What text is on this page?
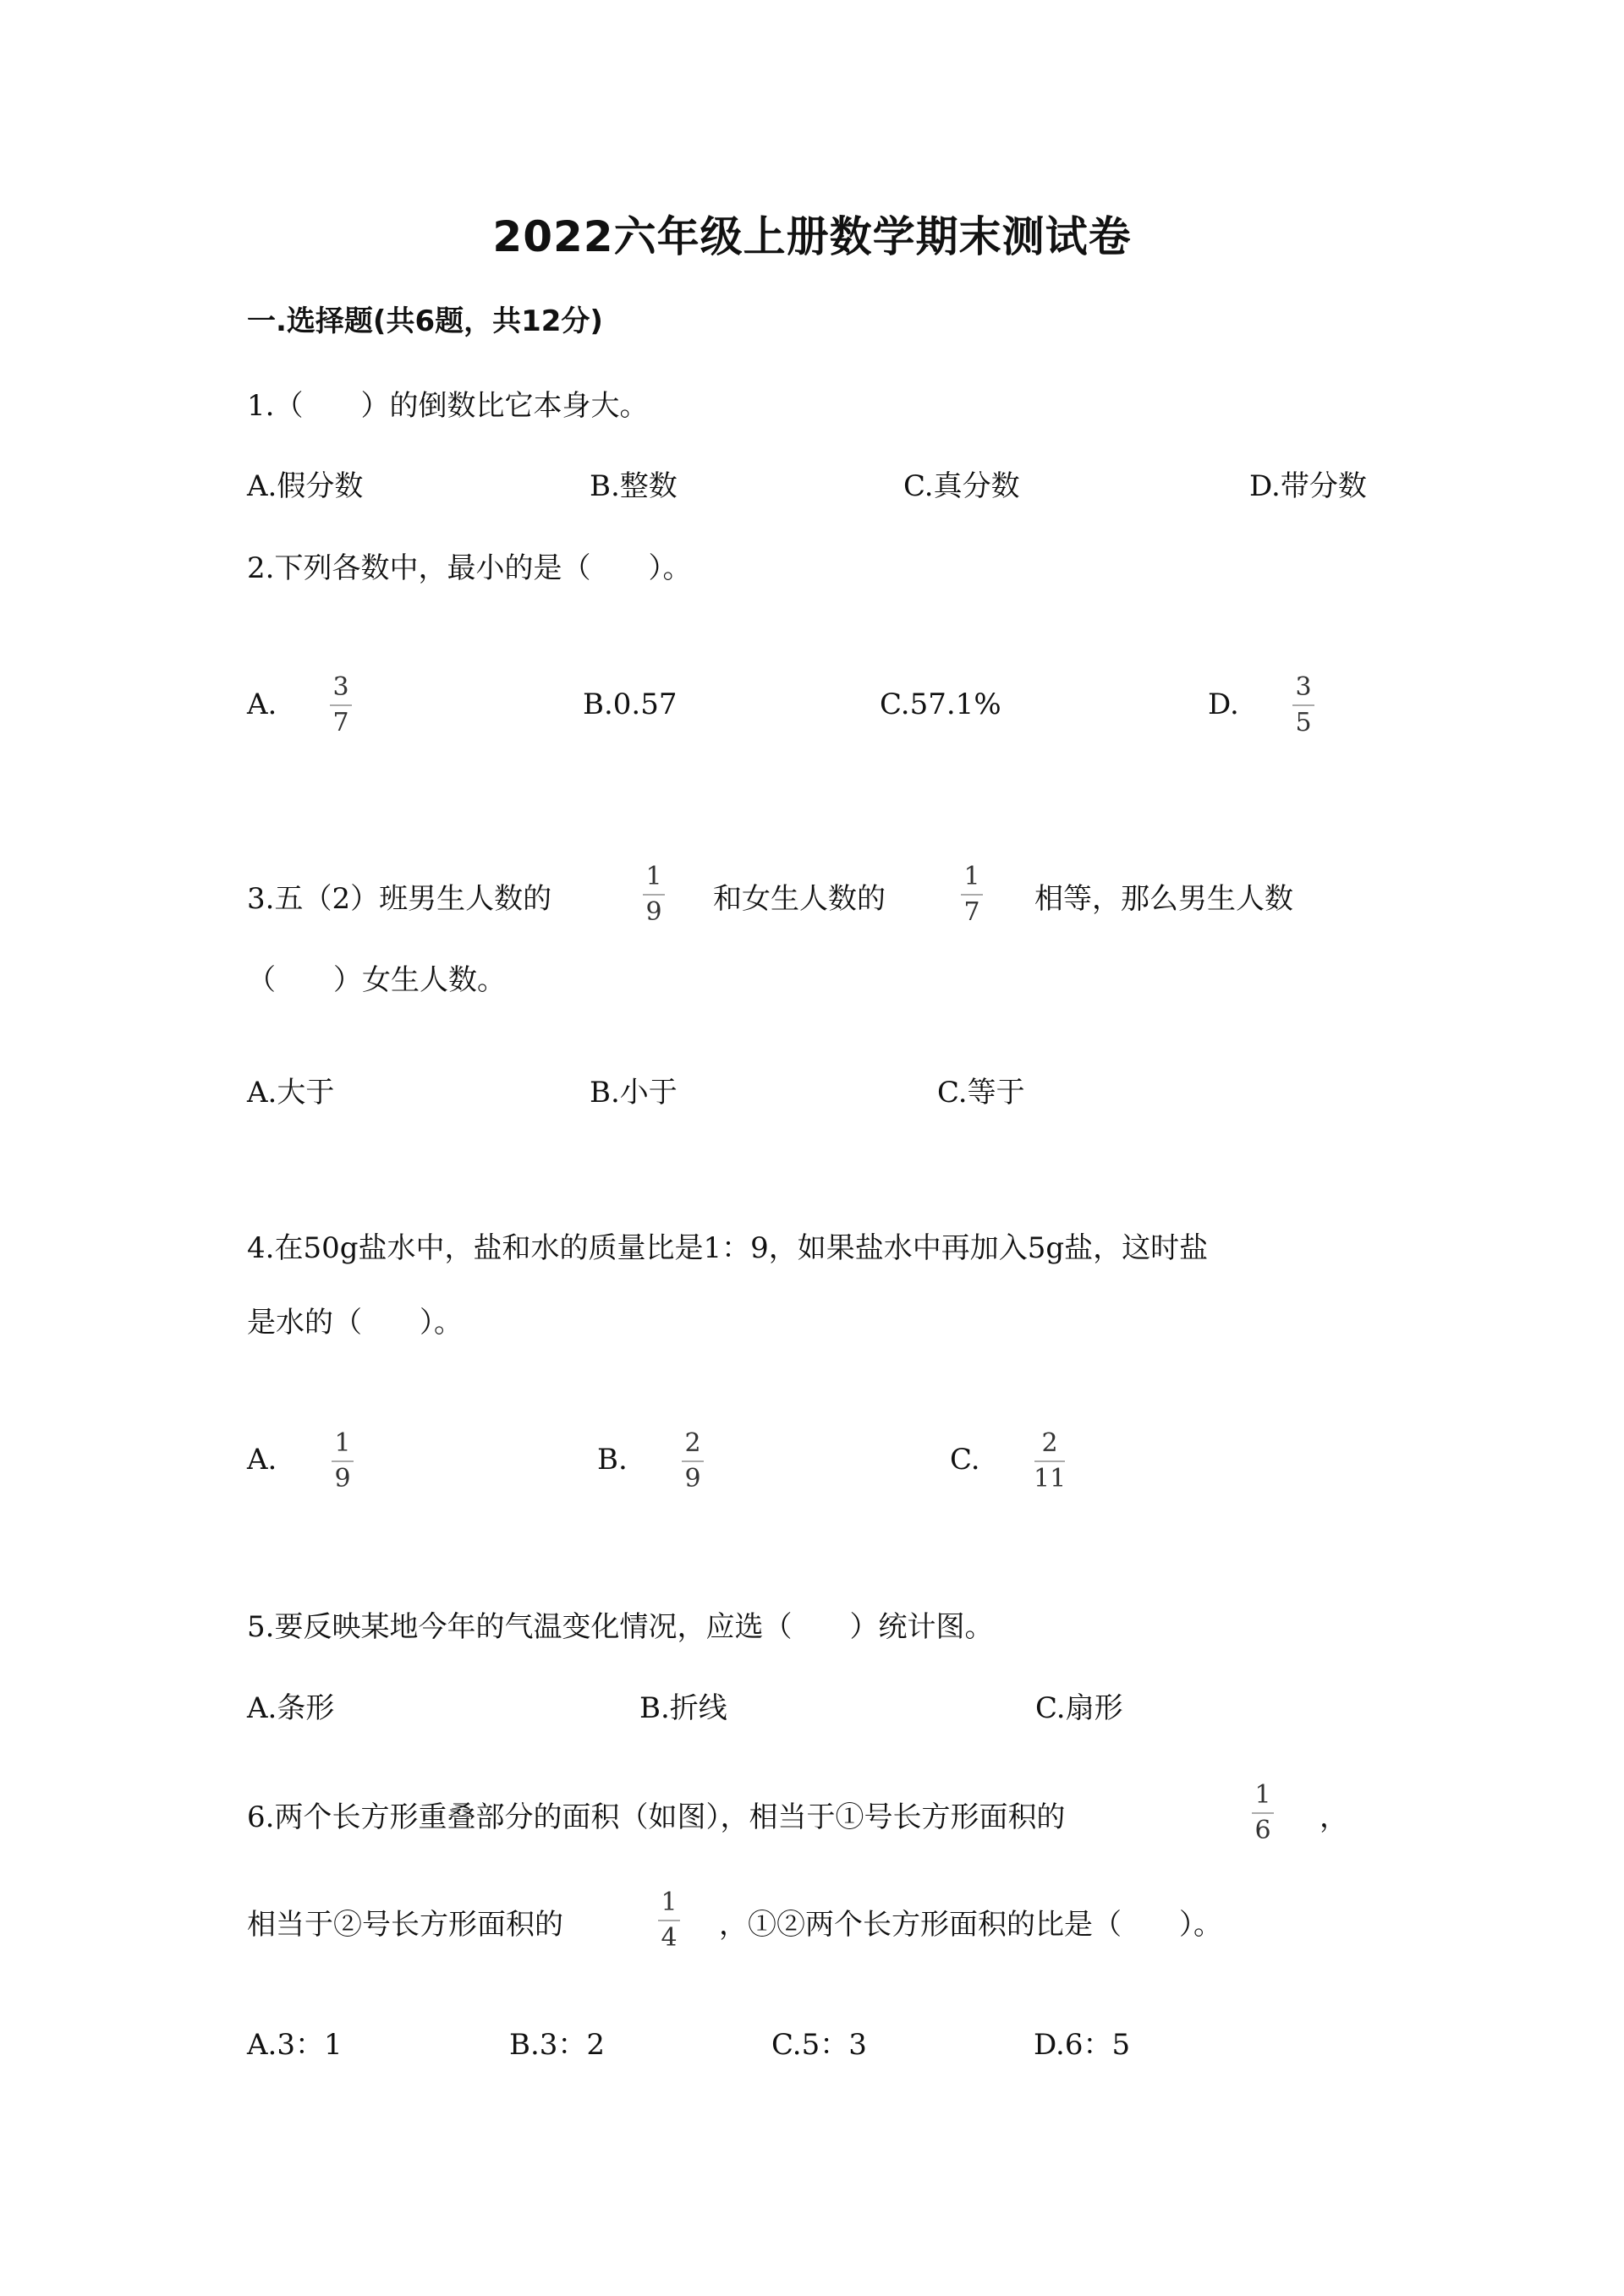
2022六年级上册数学期末测试卷
一.选择题(共6题，共12分)
1.（　　）的倒数比它本身大。
A.假分数	B.整数	C.真分数	D.带分数
2.下列各数中，最小的是（　　）。
A.
3
7
B.0.57	C.57.1%	D.
3
5
3.五（2）班男生人数的
1
9 和女生人数的
1
7 相等，那么男生人数
（　　）女生人数。
A.大于	B.小于	C.等于
4.在50g盐水中，盐和水的质量比是1：9，如果盐水中再加入5g盐，这时盐
是水的（　　）。
A. 1
9
B. 2
9
C. 2
11
5.要反映某地今年的气温变化情况，应选（　　）统计图。
A.条形	B.折线	C.扇形
6.两个长方形重叠部分的面积（如图），相当于①号长方形面积的
1
6 ，
相当于②号长方形面积的
1
4 ，①②两个长方形面积的比是（　　）。
A.3：1	B.3：2	C.5：3	D.6：5
